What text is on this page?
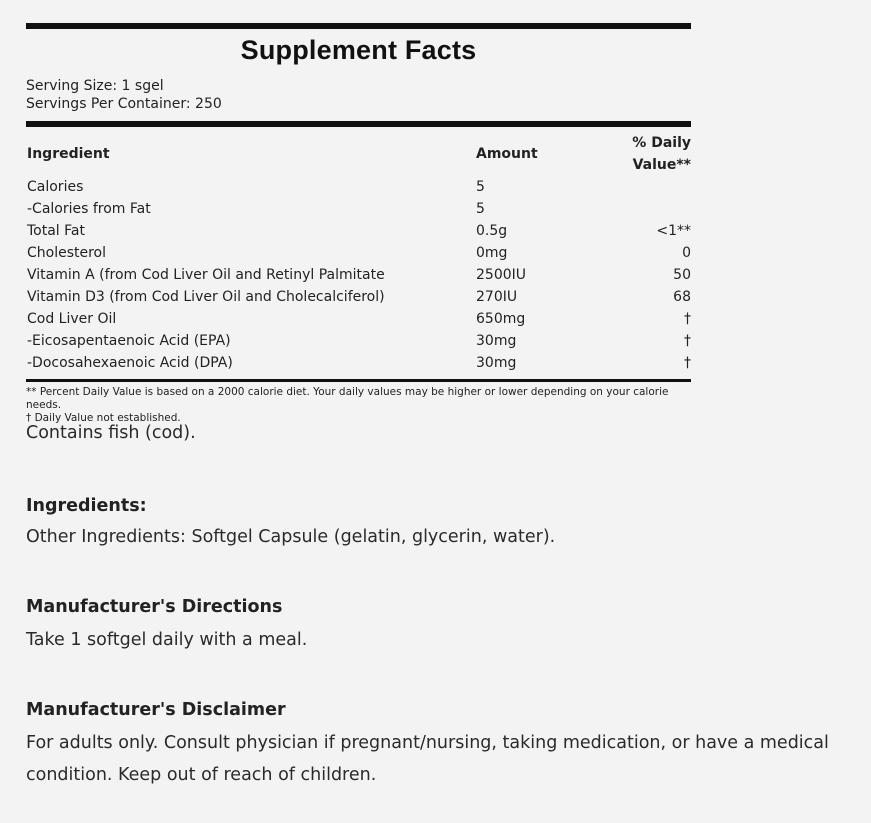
Supplement Facts
Serving Size: 1 sgel
Servings Per Container: 250
Ingredient	Amount	% Daily Value**
Calories	5	
-Calories from Fat	5	
Total Fat	0.5g	<1**
Cholesterol	0mg	0
Vitamin A (from Cod Liver Oil and Retinyl Palmitate	2500IU	50
Vitamin D3 (from Cod Liver Oil and Cholecalciferol)	270IU	68
Cod Liver Oil	650mg	†
-Eicosapentaenoic Acid (EPA)	30mg	†
-Docosahexaenoic Acid (DPA)	30mg	†
** Percent Daily Value is based on a 2000 calorie diet. Your daily values may be higher or lower depending on your calorie needs.
† Daily Value not established.

Contains fish (cod).

Ingredients:

Other Ingredients: Softgel Capsule (gelatin, glycerin, water).

Manufacturer's Directions

Take 1 softgel daily with a meal.

Manufacturer's Disclaimer

For adults only. Consult physician if pregnant/nursing, taking medication, or have a medical condition. Keep out of reach of children.
